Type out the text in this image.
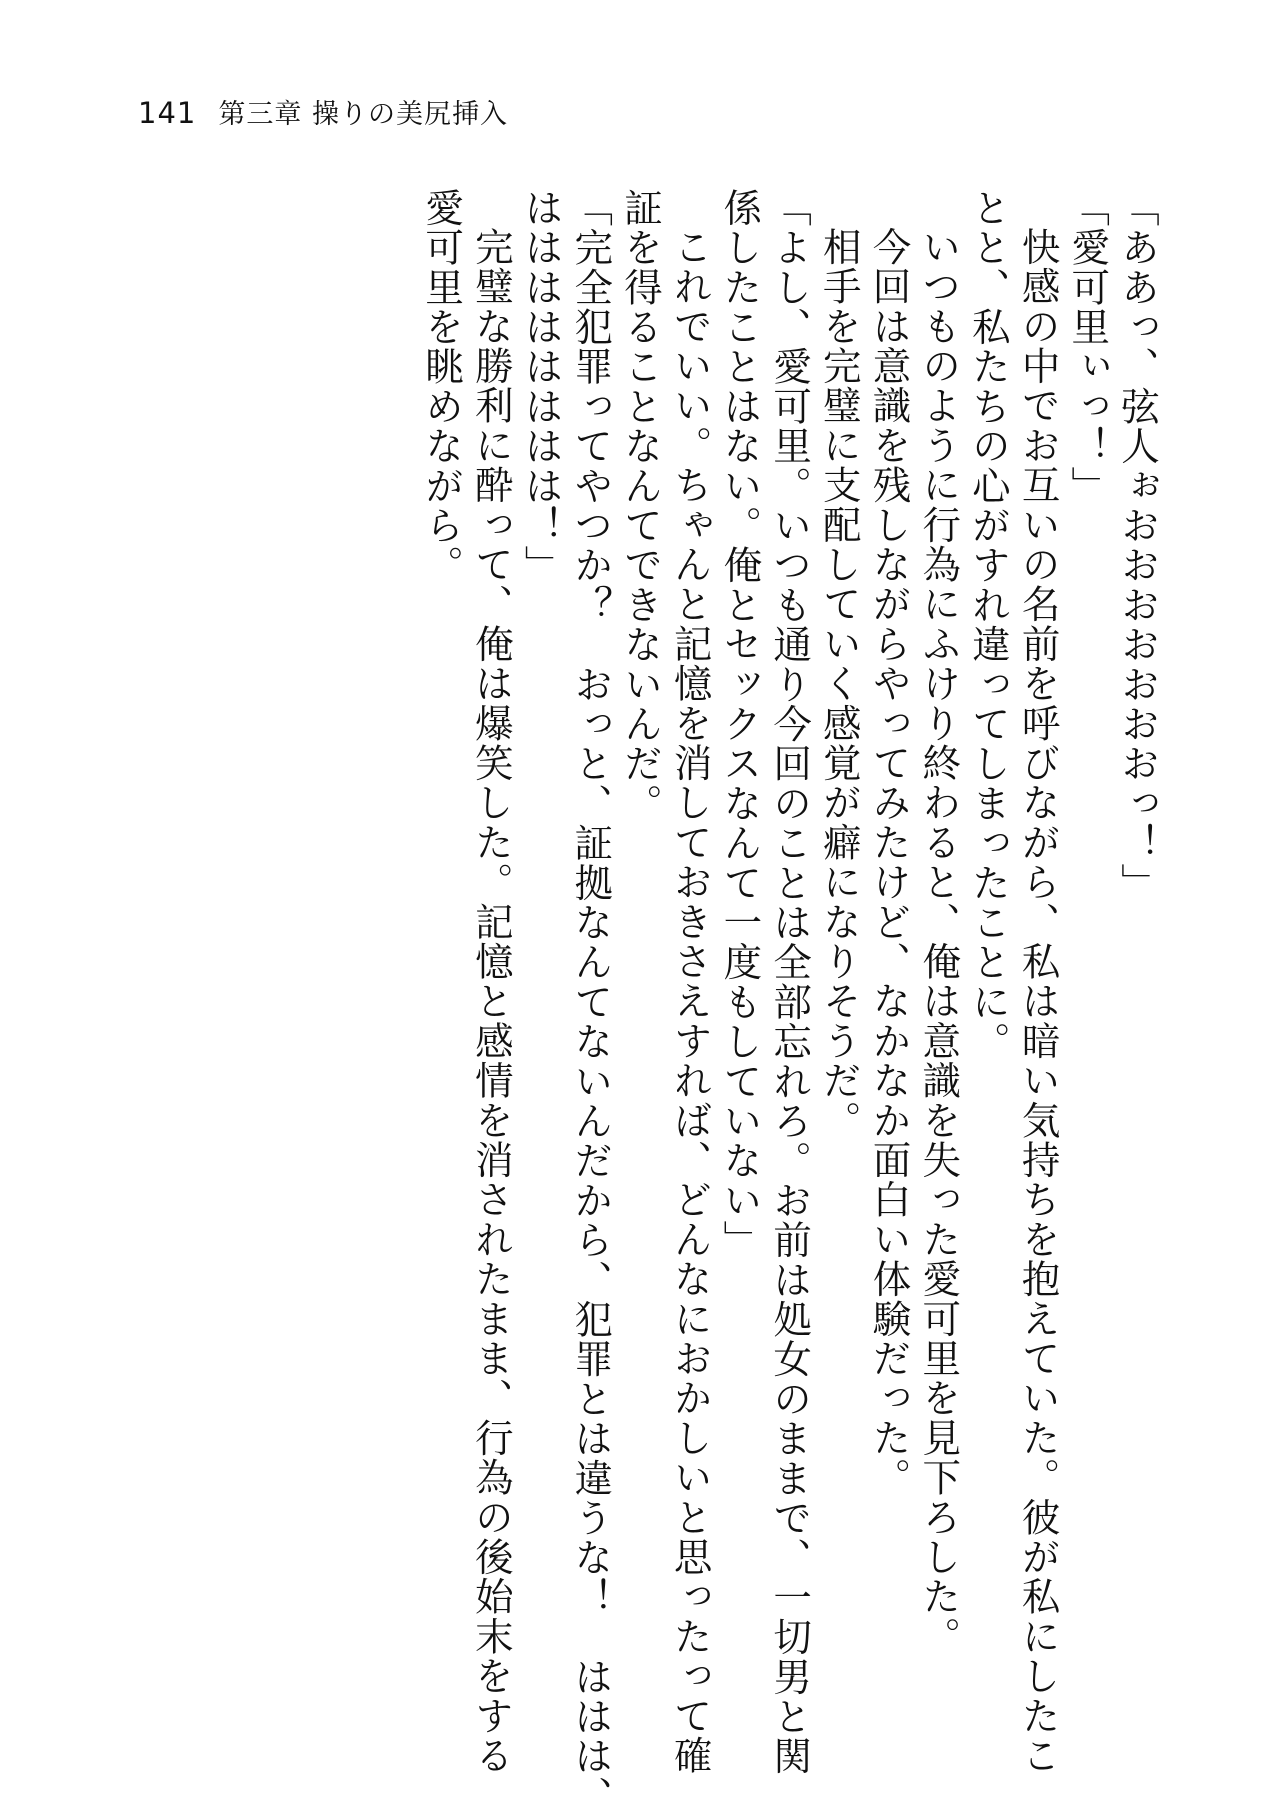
141 第三章 操りの美尻挿入

「ああっ、弦人ぉおおおおおおおっ！」

「愛可里ぃっ！」

快感の中でお互いの名前を呼びながら、私は暗い気持ちを抱えていた。彼が私にしたこ

とと、私たちの心がすれ違ってしまったことに。

いつものように行為にふけり終わると、俺は意識を失った愛可里を見下ろした。

今回は意識を残しながらやってみたけど、なかなか面白い体験だった。

相手を完璧に支配していく感覚が癖になりそうだ。

「よし、愛可里。いつも通り今回のことは全部忘れろ。お前は処女のままで、一切男と関

係したことはない。俺とセックスなんて一度もしていない」

これでいい。ちゃんと記憶を消しておきさえすれば、どんなにおかしいと思ったって確

証を得ることなんてできないんだ。

「完全犯罪ってやつか？　おっと、証拠なんてないんだから、犯罪とは違うな！　ははは、

はははははははは！」

完璧な勝利に酔って、俺は爆笑した。記憶と感情を消されたまま、行為の後始末をする

愛可里を眺めながら。
